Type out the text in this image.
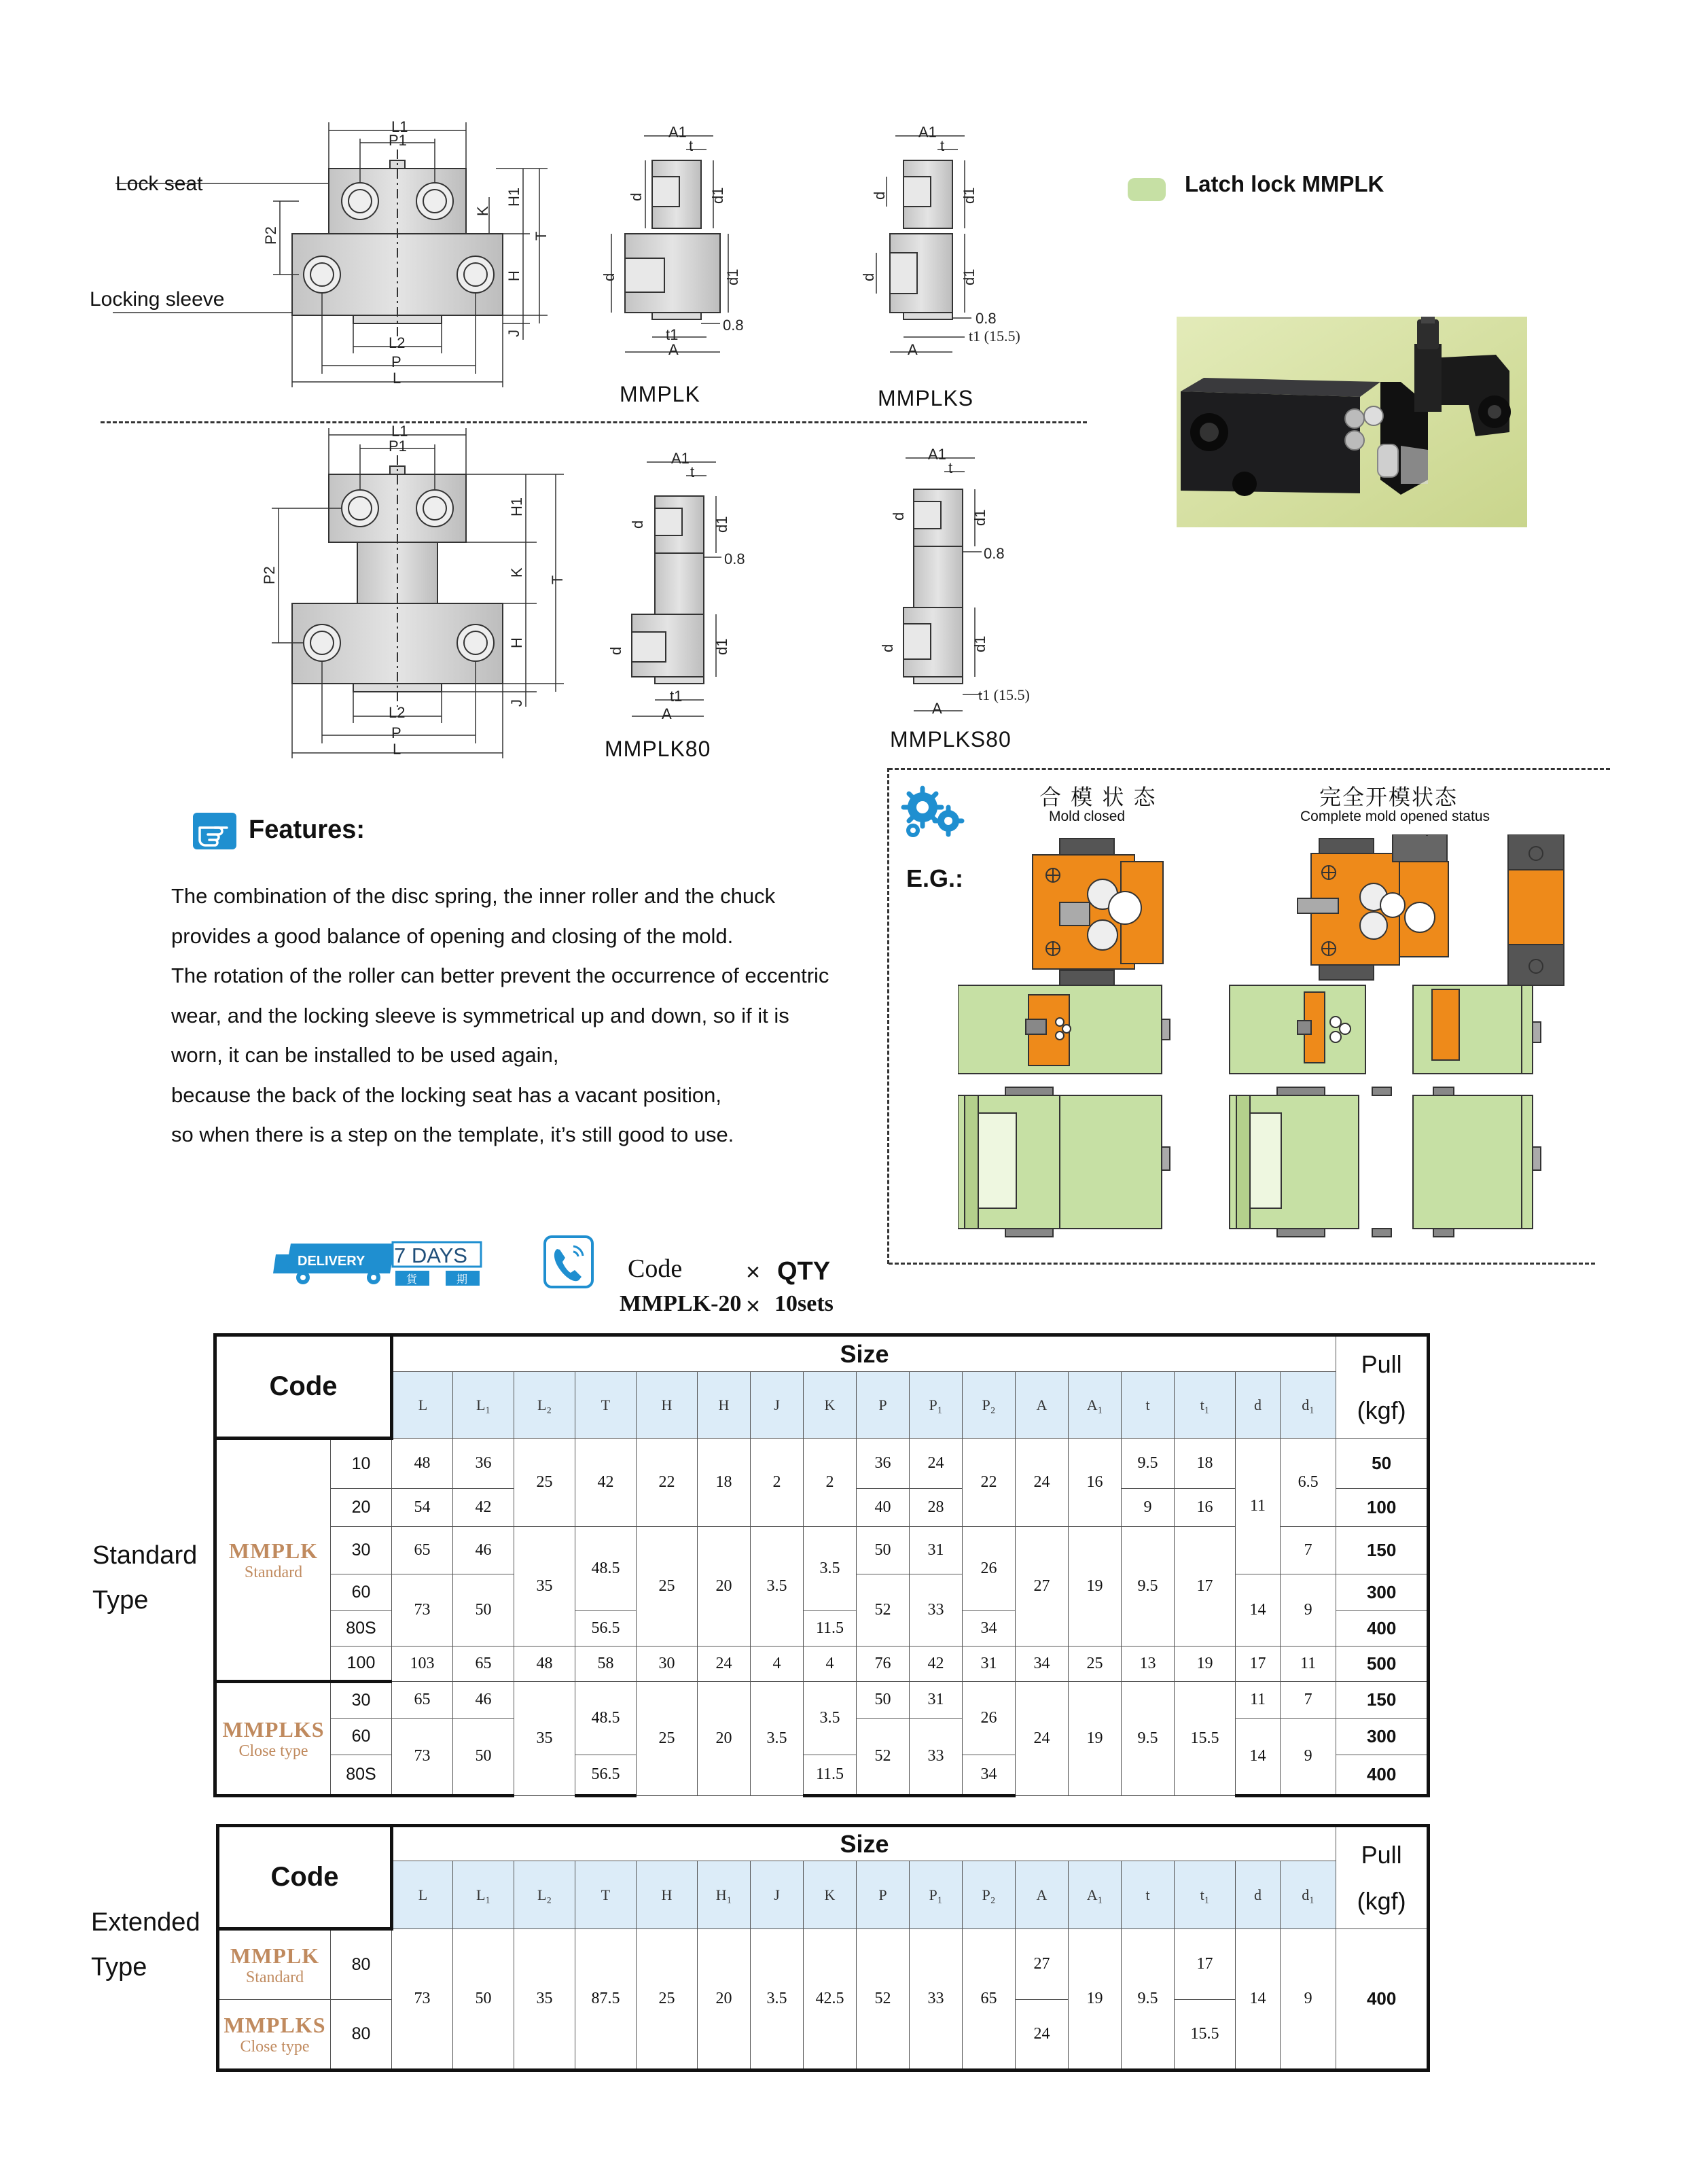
L1
P1
P2
K
H1
H
T
J
L2
P
L
A1
t
d	d1
d	d1
0.8
t1
A
A1
t
d	d1
d	d1
0.8
t1 (15.5)
A
L1
P1
P2
H1
K
H
T
J
L2
P
L
A1
t
d	d1
0.8
d	d1
t1
A
A1
t
d	d1
0.8
d	d1
t1 (15.5)
A
Lock seat
Locking sleeve
MMPLK	MMPLKS
MMPLK80	MMPLKS80
Latch lock MMPLK
Features:
The combination of the disc spring, the inner roller and the chuck
provides a good balance of opening and closing of the mold.
The rotation of the roller can better prevent the occurrence of eccentric
wear, and the locking sleeve is symmetrical up and down, so if it is
worn, it can be installed to be used again,
because the back of the locking seat has a vacant position,
so when there is a step on the template, it’s still good to use.
E.G.:
合 模 状 态
Mold closed
完全开模状态
Complete mold opened status
DELIVERY 7 DAYS
貨	期	Code	× QTY
MMPLK-20 × 10sets
Standard
Type
Code		Size																	Pull
(kgf)

		L	L₁	L₂	T	H	H	J	K	P	P₁	P₂	A	A₁	t	t₁	d	d₁	

MMPLK
Standard	10	48	36	25	42	22	18	2	2	36	24	22	24	16	9.5	18	11	6.5	50
	20	54	42							40	28				9	16			100
	30	65	46	35	48.5	25	20	3.5	3.5	50	31	26	27	19	9.5	17		7	150
	60	73	50							52	33						14	9	300
	80S				56.5				11.5			34							400
	100	103	65	48	58	30	24	4	4	76	42	31	34	25	13	19	17	11	500

MMPLKS
Close type	30	65	46	35	48.5	25	20	3.5	3.5	50	31	26	24	19	9.5	15.5	11	7	150
	60	73	50							52	33						14	9	300
	80S				56.5				11.5			34							400
Extended
Type
Code		Size																	Pull
(kgf)

		L	L₁	L₂	T	H	H₁	J	K	P	P₁	P₂	A	A₁	t	t₁	d	d₁	

MMPLK
Standard	80	73	50	35	87.5	25	20	3.5	42.5	52	33	65	27	19	9.5	17	14	9	400

MMPLKS
Close type	80												24			15.5			
